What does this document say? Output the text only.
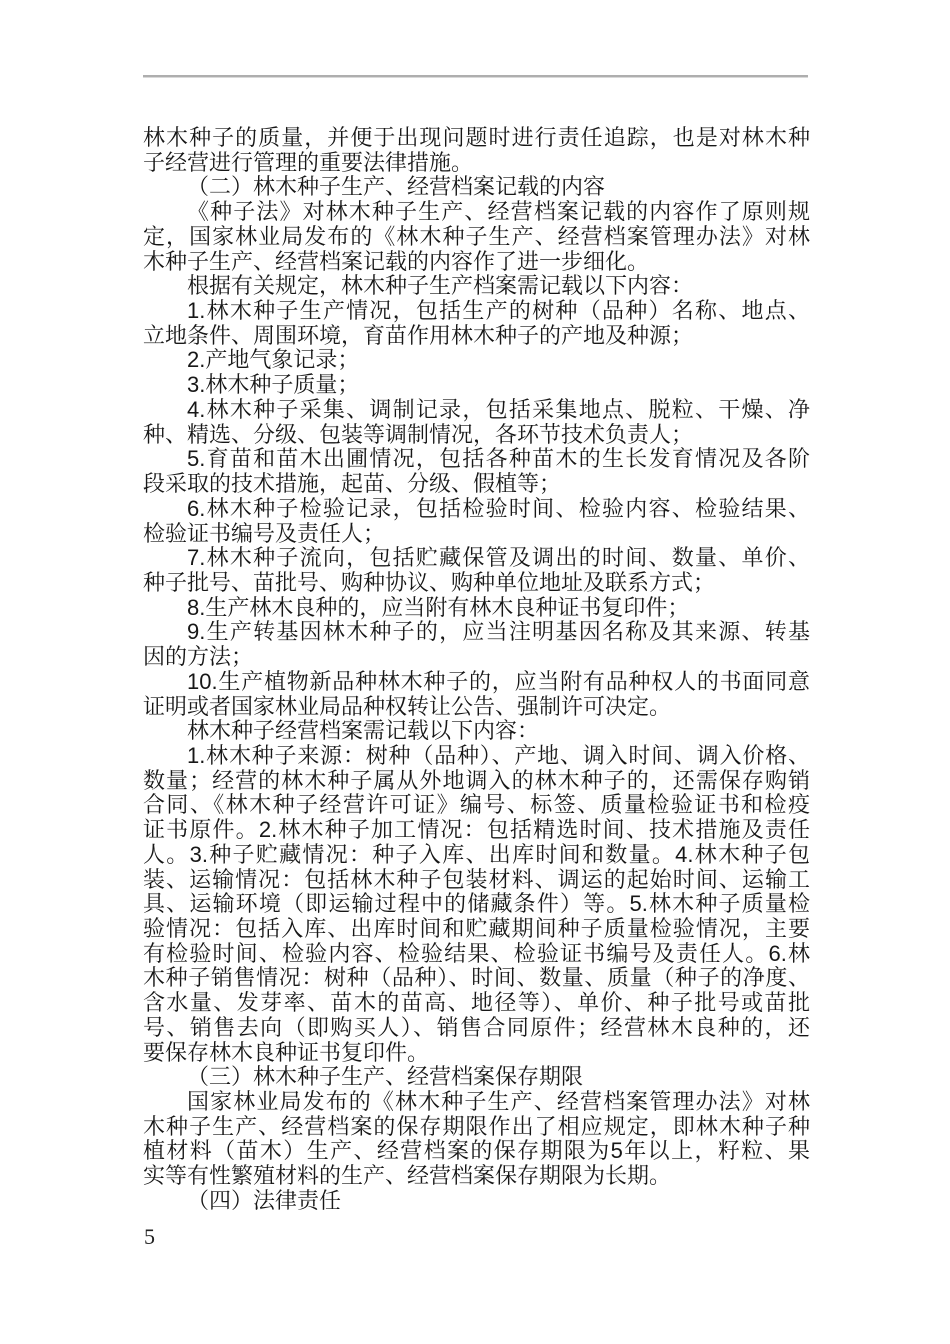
林木种子的质量，并便于出现问题时进行责任追踪，也是对林木种
子经营进行管理的重要法律措施。
（二）林木种子生产、经营档案记载的内容
《种子法》对林木种子生产、经营档案记载的内容作了原则规
定，国家林业局发布的《林木种子生产、经营档案管理办法》对林
木种子生产、经营档案记载的内容作了进一步细化。
根据有关规定，林木种子生产档案需记载以下内容：
1.林木种子生产情况，包括生产的树种（品种）名称、地点、
立地条件、周围环境，育苗作用林木种子的产地及种源；
2.产地气象记录；
3.林木种子质量；
4.林木种子采集、调制记录，包括采集地点、脱粒、干燥、净
种、精选、分级、包装等调制情况，各环节技术负责人；
5.育苗和苗木出圃情况，包括各种苗木的生长发育情况及各阶
段采取的技术措施，起苗、分级、假植等；
6.林木种子检验记录，包括检验时间、检验内容、检验结果、
检验证书编号及责任人；
7.林木种子流向，包括贮藏保管及调出的时间、数量、单价、
种子批号、苗批号、购种协议、购种单位地址及联系方式；
8.生产林木良种的，应当附有林木良种证书复印件；
9.生产转基因林木种子的，应当注明基因名称及其来源、转基
因的方法；
10.生产植物新品种林木种子的，应当附有品种权人的书面同意
证明或者国家林业局品种权转让公告、强制许可决定。
林木种子经营档案需记载以下内容：
1.林木种子来源：树种（品种）、产地、调入时间、调入价格、
数量；经营的林木种子属从外地调入的林木种子的，还需保存购销
合同、《林木种子经营许可证》编号、标签、质量检验证书和检疫
证书原件。2.林木种子加工情况：包括精选时间、技术措施及责任
人。3.种子贮藏情况：种子入库、出库时间和数量。4.林木种子包
装、运输情况：包括林木种子包装材料、调运的起始时间、运输工
具、运输环境（即运输过程中的储藏条件）等。5.林木种子质量检
验情况：包括入库、出库时间和贮藏期间种子质量检验情况，主要
有检验时间、检验内容、检验结果、检验证书编号及责任人。6.林
木种子销售情况：树种（品种）、时间、数量、质量（种子的净度、
含水量、发芽率、苗木的苗高、地径等）、单价、种子批号或苗批
号、销售去向（即购买人）、销售合同原件；经营林木良种的，还
要保存林木良种证书复印件。
（三）林木种子生产、经营档案保存期限
国家林业局发布的《林木种子生产、经营档案管理办法》对林
木种子生产、经营档案的保存期限作出了相应规定，即林木种子种
植材料（苗木）生产、经营档案的保存期限为5年以上，籽粒、果
实等有性繁殖材料的生产、经营档案保存期限为长期。
（四）法律责任
5
